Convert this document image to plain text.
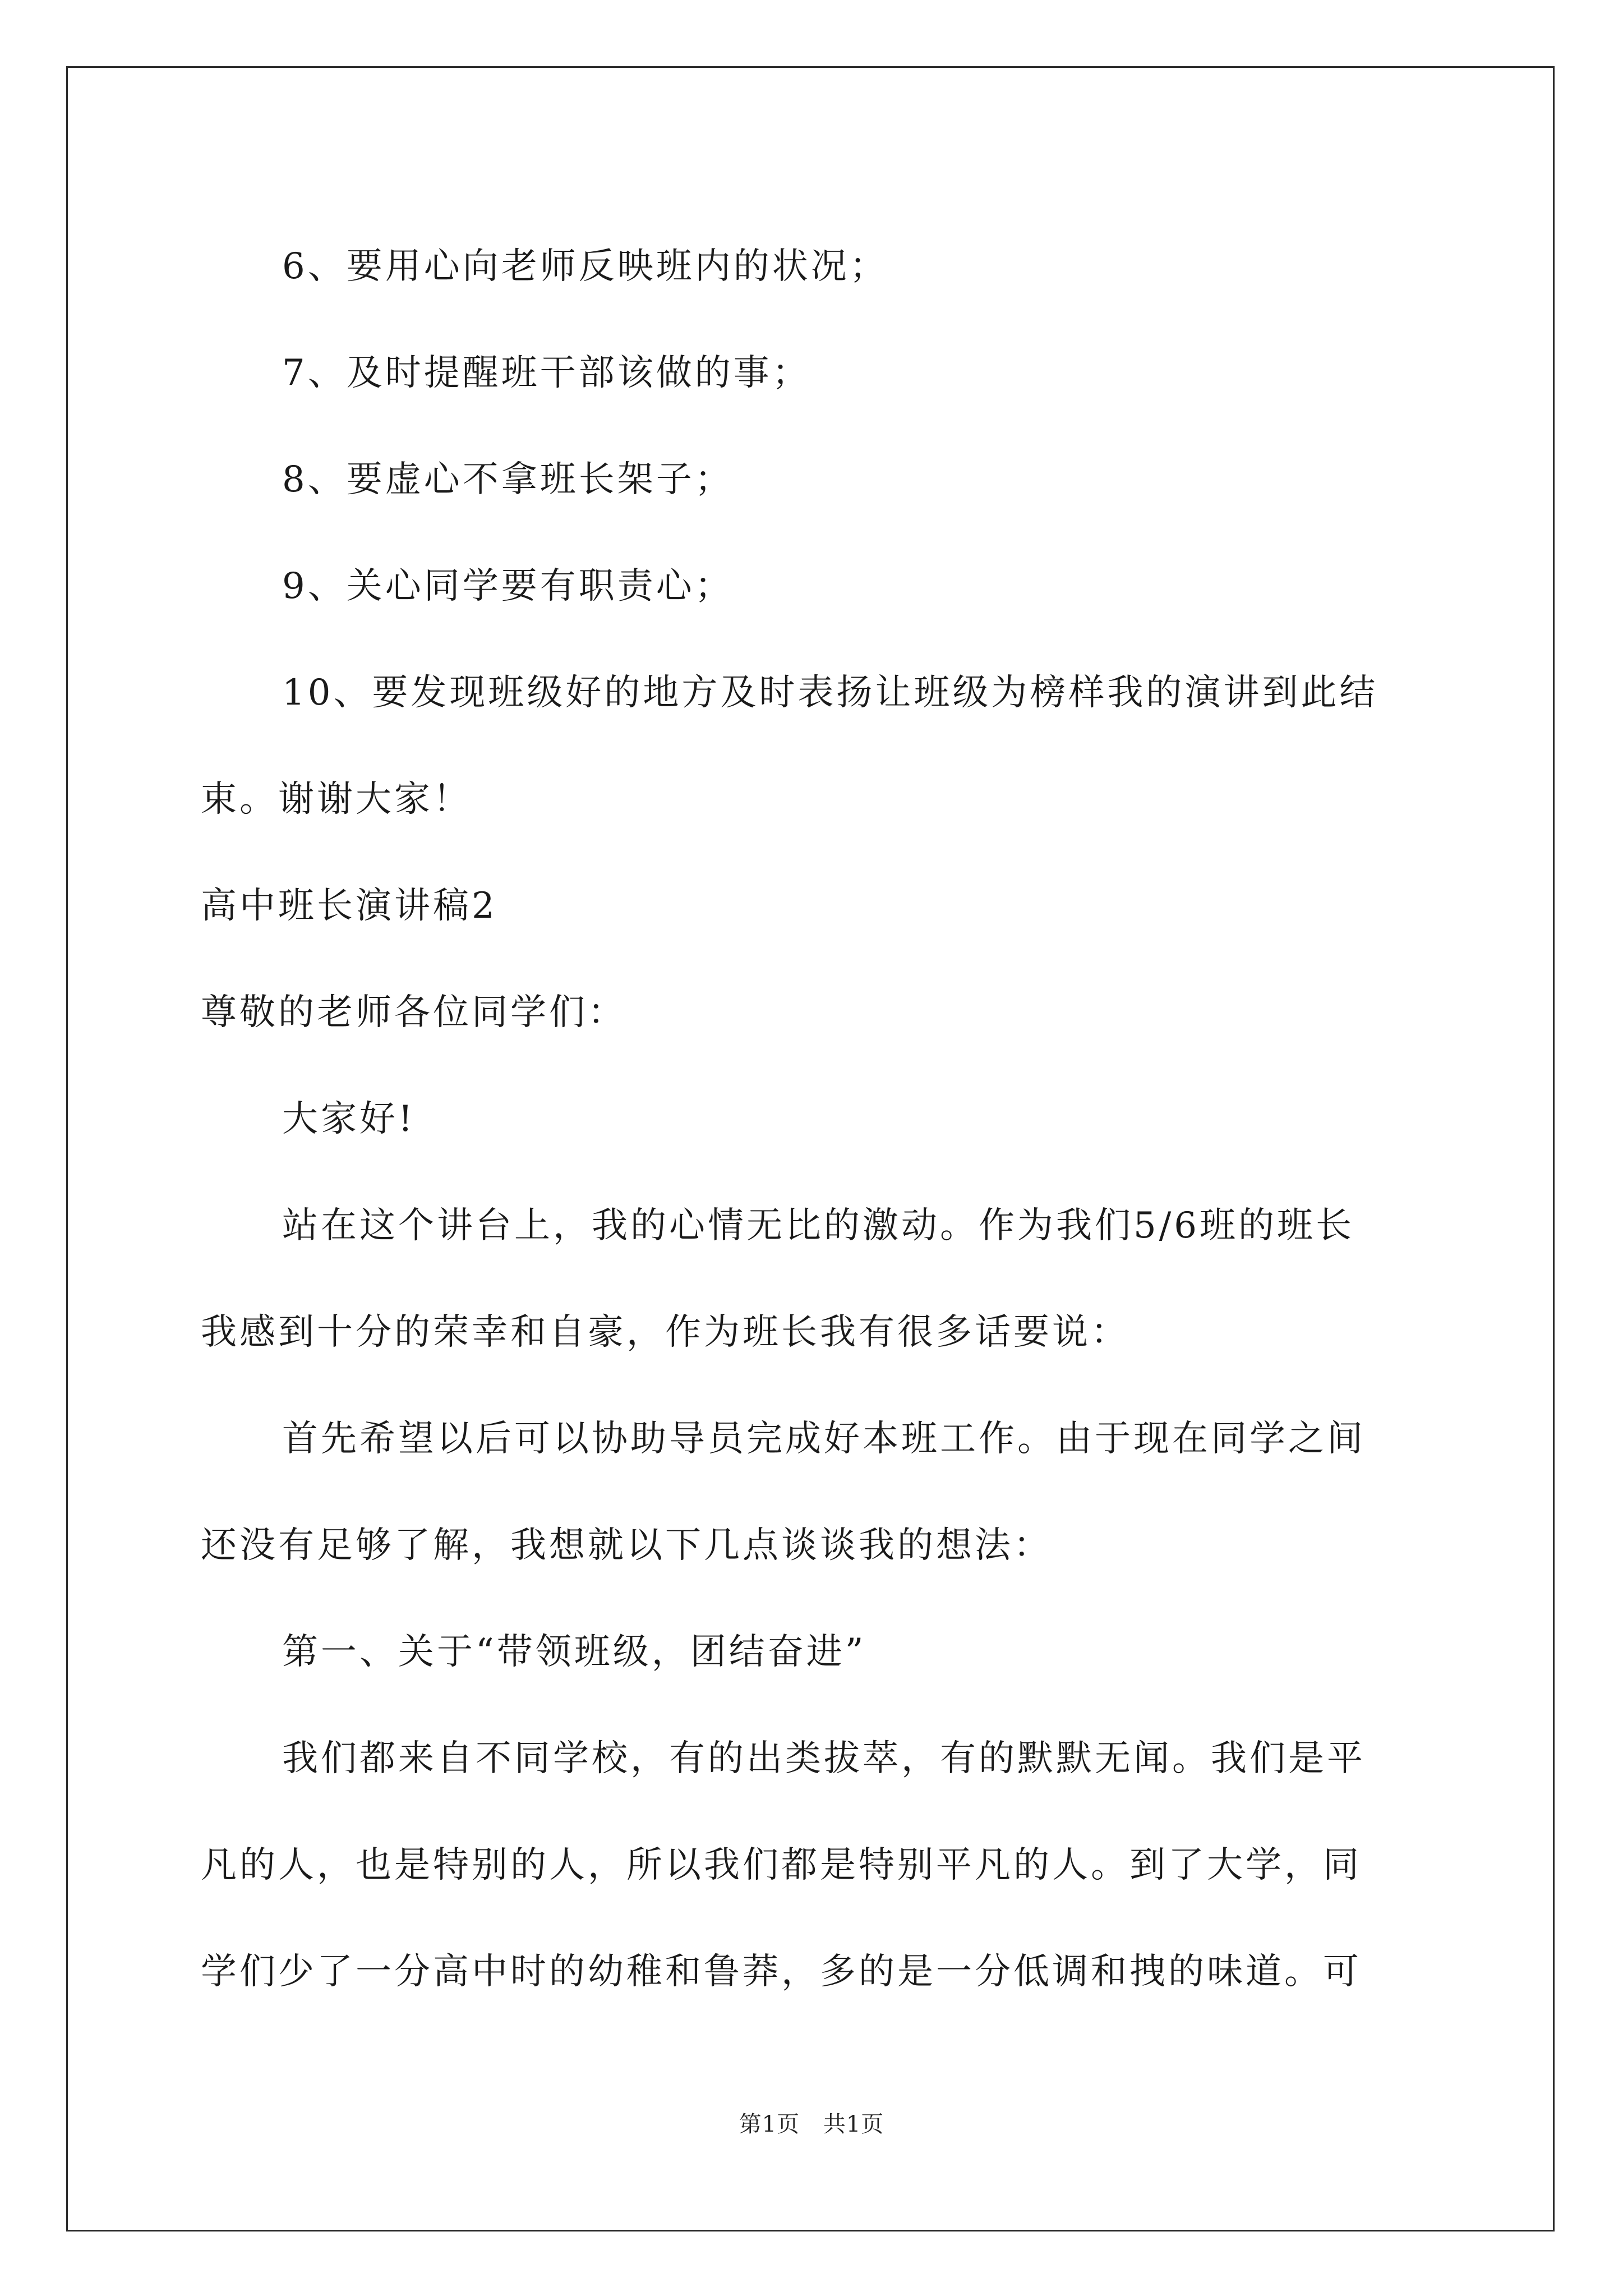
6、要用心向老师反映班内的状况；
7、及时提醒班干部该做的事；
8、要虚心不拿班长架子；
9、关心同学要有职责心；
10、要发现班级好的地方及时表扬让班级为榜样我的演讲到此结
束。谢谢大家！
高中班长演讲稿2
尊敬的老师各位同学们：
大家好!
站在这个讲台上，我的心情无比的激动。作为我们5/6班的班长
我感到十分的荣幸和自豪，作为班长我有很多话要说：
首先希望以后可以协助导员完成好本班工作。由于现在同学之间
还没有足够了解，我想就以下几点谈谈我的想法：
第一、关于“带领班级，团结奋进”
我们都来自不同学校，有的出类拔萃，有的默默无闻。我们是平
凡的人，也是特别的人，所以我们都是特别平凡的人。到了大学，同
学们少了一分高中时的幼稚和鲁莽，多的是一分低调和拽的味道。可
第1页 共1页
